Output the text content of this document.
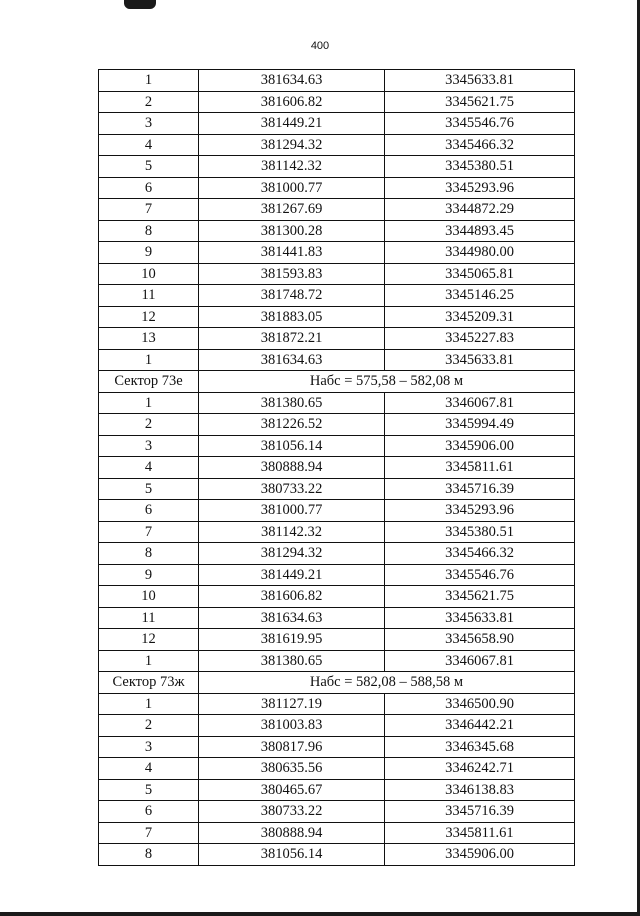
400
1	381634.63	3345633.81
2	381606.82	3345621.75
3	381449.21	3345546.76
4	381294.32	3345466.32
5	381142.32	3345380.51
6	381000.77	3345293.96
7	381267.69	3344872.29
8	381300.28	3344893.45
9	381441.83	3344980.00
10	381593.83	3345065.81
11	381748.72	3345146.25
12	381883.05	3345209.31
13	381872.21	3345227.83
1	381634.63	3345633.81
Сектор 73е	Набс = 575,58 – 582,08 м	
1	381380.65	3346067.81
2	381226.52	3345994.49
3	381056.14	3345906.00
4	380888.94	3345811.61
5	380733.22	3345716.39
6	381000.77	3345293.96
7	381142.32	3345380.51
8	381294.32	3345466.32
9	381449.21	3345546.76
10	381606.82	3345621.75
11	381634.63	3345633.81
12	381619.95	3345658.90
1	381380.65	3346067.81
Сектор 73ж	Набс = 582,08 – 588,58 м	
1	381127.19	3346500.90
2	381003.83	3346442.21
3	380817.96	3346345.68
4	380635.56	3346242.71
5	380465.67	3346138.83
6	380733.22	3345716.39
7	380888.94	3345811.61
8	381056.14	3345906.00
